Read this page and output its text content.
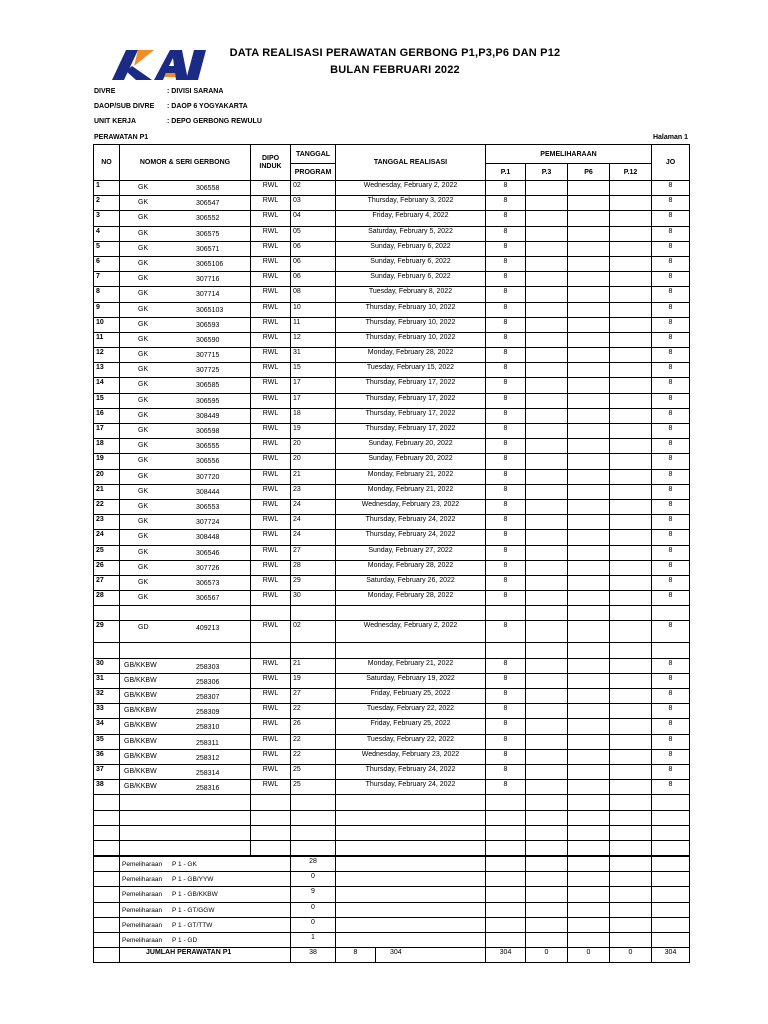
DATA REALISASI PERAWATAN GERBONG P1,P3,P6 DAN P12
BULAN FEBRUARI 2022
DIVRE	: DIVISI SARANA
DAOP/SUB DIVRE : DAOP 6 YOGYAKARTA
UNIT KERJA	: DEPO GERBONG REWULU
PERAWATAN P1	Halaman 1
NO	NOMOR & SERI GERBONG	DIPO INDUK	TANGGAL	TANGGAL REALISASI		PEMELIHARAAN				JO
			PROGRAM			P.1	P.3	P6	P.12	
1	GK 306558	RWL	02	Wednesday, February 2, 2022		8				8
2	GK 306547	RWL	03	Thursday, February 3, 2022		8				8
3	GK 306552	RWL	04	Friday, February 4, 2022		8				8
4	GK 306575	RWL	05	Saturday, February 5, 2022		8				8
5	GK 306571	RWL	06	Sunday, February 6, 2022		8				8
6	GK 3065106	RWL	06	Sunday, February 6, 2022		8				8
7	GK 307716	RWL	06	Sunday, February 6, 2022		8				8
8	GK 307714	RWL	08	Tuesday, February 8, 2022		8				8
9	GK 3065103	RWL	10	Thursday, February 10, 2022		8				8
10	GK 306593	RWL	11	Thursday, February 10, 2022		8				8
11	GK 306590	RWL	12	Thursday, February 10, 2022		8				8
12	GK 307715	RWL	31	Monday, February 28, 2022		8				8
13	GK 307725	RWL	15	Tuesday, February 15, 2022		8				8
14	GK 306585	RWL	17	Thursday, February 17, 2022		8				8
15	GK 306595	RWL	17	Thursday, February 17, 2022		8				8
16	GK 308449	RWL	18	Thursday, February 17, 2022		8				8
17	GK 306598	RWL	19	Thursday, February 17, 2022		8				8
18	GK 306555	RWL	20	Sunday, February 20, 2022		8				8
19	GK 306556	RWL	20	Sunday, February 20, 2022		8				8
20	GK 307720	RWL	21	Monday, February 21, 2022		8				8
21	GK 308444	RWL	23	Monday, February 21, 2022		8				8
22	GK 306553	RWL	24	Wednesday, February 23, 2022		8				8
23	GK 307724	RWL	24	Thursday, February 24, 2022		8				8
24	GK 308448	RWL	24	Thursday, February 24, 2022		8				8
25	GK 306546	RWL	27	Sunday, February 27, 2022		8				8
26	GK 307726	RWL	28	Monday, February 28, 2022		8				8
27	GK 306573	RWL	29	Saturday, February 26, 2022		8				8
28	GK 306567	RWL	30	Monday, February 28, 2022		8				8

29	GD 409213	RWL	02	Wednesday, February 2, 2022		8				8

30	GB/KKBW 258303	RWL	21	Monday, February 21, 2022		8				8
31	GB/KKBW 258306	RWL	19	Saturday, February 19, 2022		8				8
32	GB/KKBW 258307	RWL	27	Friday, February 25, 2022		8				8
33	GB/KKBW 258309	RWL	22	Tuesday, February 22, 2022		8				8
34	GB/KKBW 258310	RWL	26	Friday, February 25, 2022		8				8
35	GB/KKBW 258311	RWL	22	Tuesday, February 22, 2022		8				8
36	GB/KKBW 258312	RWL	22	Wednesday, February 23, 2022		8				8
37	GB/KKBW 258314	RWL	25	Thursday, February 24, 2022		8				8
38	GB/KKBW 258316	RWL	25	Thursday, February 24, 2022		8				8

	Pemeliharaan P 1 - GK		28							

	Pemeliharaan P 1 - GB/YYW		0							

	Pemeliharaan P 1 - GB/KKBW		9							

	Pemeliharaan P 1 - GT/GGW		0							

	Pemeliharaan P 1 - GT/TTW		0							

	Pemeliharaan P 1 - GD		1							
	JUMLAH PERAWATAN P1		38	8	304	304	0	0	0	304
